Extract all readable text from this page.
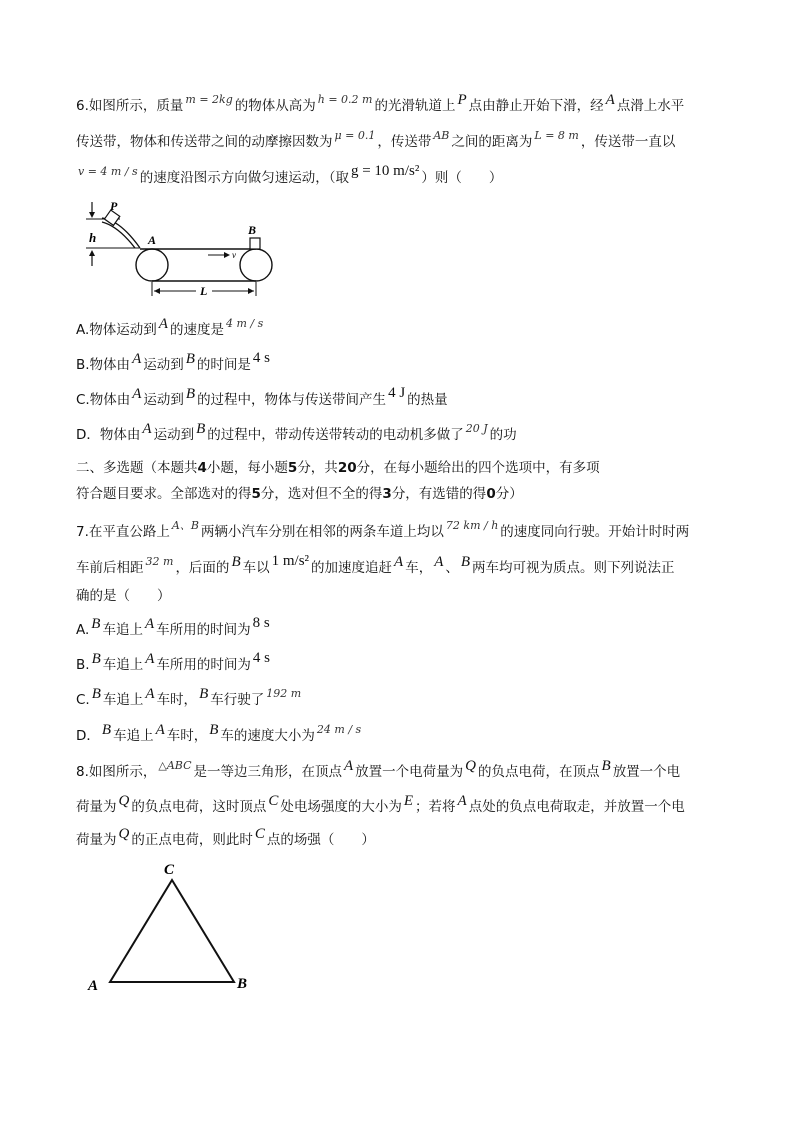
6.如图所示，质量 $^{m = 2kg}$ 的物体从高为 $^{h = 0.2 m}$ 的光滑轨道上 P 点由静止开始下滑，经 A 点滑上水平
传送带，物体和传送带之间的动摩擦因数为 $^{\mu = 0.1}$ ，传送带 $^{AB}$ 之间的距离为 $^{L = 8 m}$ ，传送带一直以
$^{v = 4 m / s}$ 的速度沿图示方向做匀速运动，（取 g = 10 m/s² ）则（　　）
h
P
A
B
v
L
A.物体运动到 A 的速度是 $^{4 m / s}$
B.物体由 A 运动到 B 的时间是 4 s
C.物体由 A 运动到 B 的过程中，物体与传送带间产生 4 J 的热量
D．物体由 A 运动到 B 的过程中，带动传送带转动的电动机多做了 $^{20 J}$ 的功
二、多选题（本题共4小题，每小题5分，共20分，在每小题给出的四个选项中，有多项
符合题目要求。全部选对的得5分，选对但不全的得3分，有选错的得0分）
7.在平直公路上 $^{A、B}$ 两辆小汽车分别在相邻的两条车道上均以 $^{72 km / h}$ 的速度同向行驶。开始计时时两
车前后相距 $^{32 m}$ ，后面的 B 车以 1 m/s² 的加速度追赶 A 车， A 、 B 两车均可视为质点。则下列说法正
确的是（　　）
A. B 车追上 A 车所用的时间为 8 s
B. B 车追上 A 车所用的时间为 4 s
C. B 车追上 A 车时， B 车行驶了 $^{192 m}$
D． B 车追上 A 车时， B 车的速度大小为 $^{24 m / s}$
8.如图所示， $^{\triangle ABC}$ 是一等边三角形，在顶点 A 放置一个电荷量为 Q 的负点电荷，在顶点 B 放置一个电
荷量为 Q 的负点电荷，这时顶点 C 处电场强度的大小为 E ；若将 A 点处的负点电荷取走，并放置一个电
荷量为 Q 的正点电荷，则此时 C 点的场强（　　）
C
A	B
